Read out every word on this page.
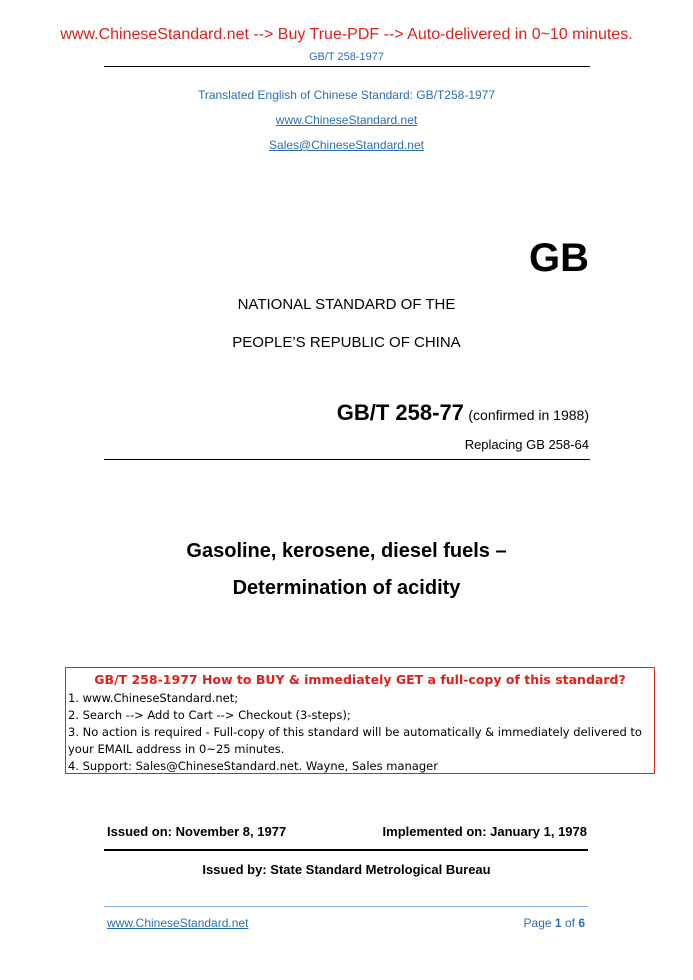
www.ChineseStandard.net --> Buy True-PDF --> Auto-delivered in 0~10 minutes.
GB/T 258-1977
Translated English of Chinese Standard: GB/T258-1977
www.ChineseStandard.net
Sales@ChineseStandard.net
GB
NATIONAL STANDARD OF THE
PEOPLE’S REPUBLIC OF CHINA
GB/T 258-77 (confirmed in 1988)
Replacing GB 258-64
Gasoline, kerosene, diesel fuels –
Determination of acidity
GB/T 258-1977 How to BUY & immediately GET a full-copy of this standard?
1. www.ChineseStandard.net;
2. Search --> Add to Cart --> Checkout (3-steps);
3. No action is required - Full-copy of this standard will be automatically & immediately delivered to
your EMAIL address in 0~25 minutes.
4. Support: Sales@ChineseStandard.net. Wayne, Sales manager
Issued on: November 8, 1977	Implemented on: January 1, 1978
Issued by: State Standard Metrological Bureau
www.ChineseStandard.net	Page 1 of 6
